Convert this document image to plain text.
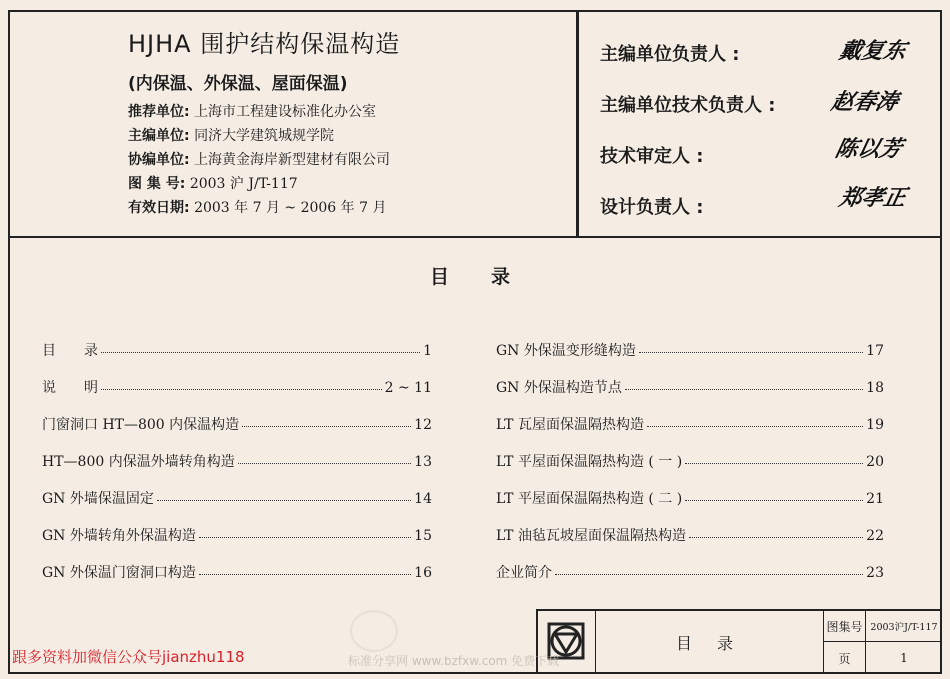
HJHA 围护结构保温构造
(内保温、外保温、屋面保温)
推荐单位: 上海市工程建设标准化办公室
主编单位: 同济大学建筑城规学院
协编单位: 上海黄金海岸新型建材有限公司
图 集 号: 2003 沪 J/T-117
有效日期: 2003 年 7 月 ~ 2006 年 7 月
主编单位负责人 :	戴复东
主编单位技术负责人 : 赵春涛
技术审定人 :	陈以芳
设计负责人 :	郑孝正
目 录
目　　录	1
说　　明	2 ~ 11
门窗洞口 HT—800 内保温构造	12
HT—800 内保温外墙转角构造	13
GN 外墙保温固定	14
GN 外墙转角外保温构造	15
GN 外保温门窗洞口构造	16
GN 外保温变形缝构造	17
GN 外保温构造节点	18
LT 瓦屋面保温隔热构造	19
LT 平屋面保温隔热构造 ( 一 )	20
LT 平屋面保温隔热构造 ( 二 )	21
LT 油毡瓦坡屋面保温隔热构造	22
企业简介	23
目 录
图集号 2003沪J/T-117
页	1
标准分享网 www.bzfxw.com 免费下载
跟多资料加微信公众号jianzhu118
